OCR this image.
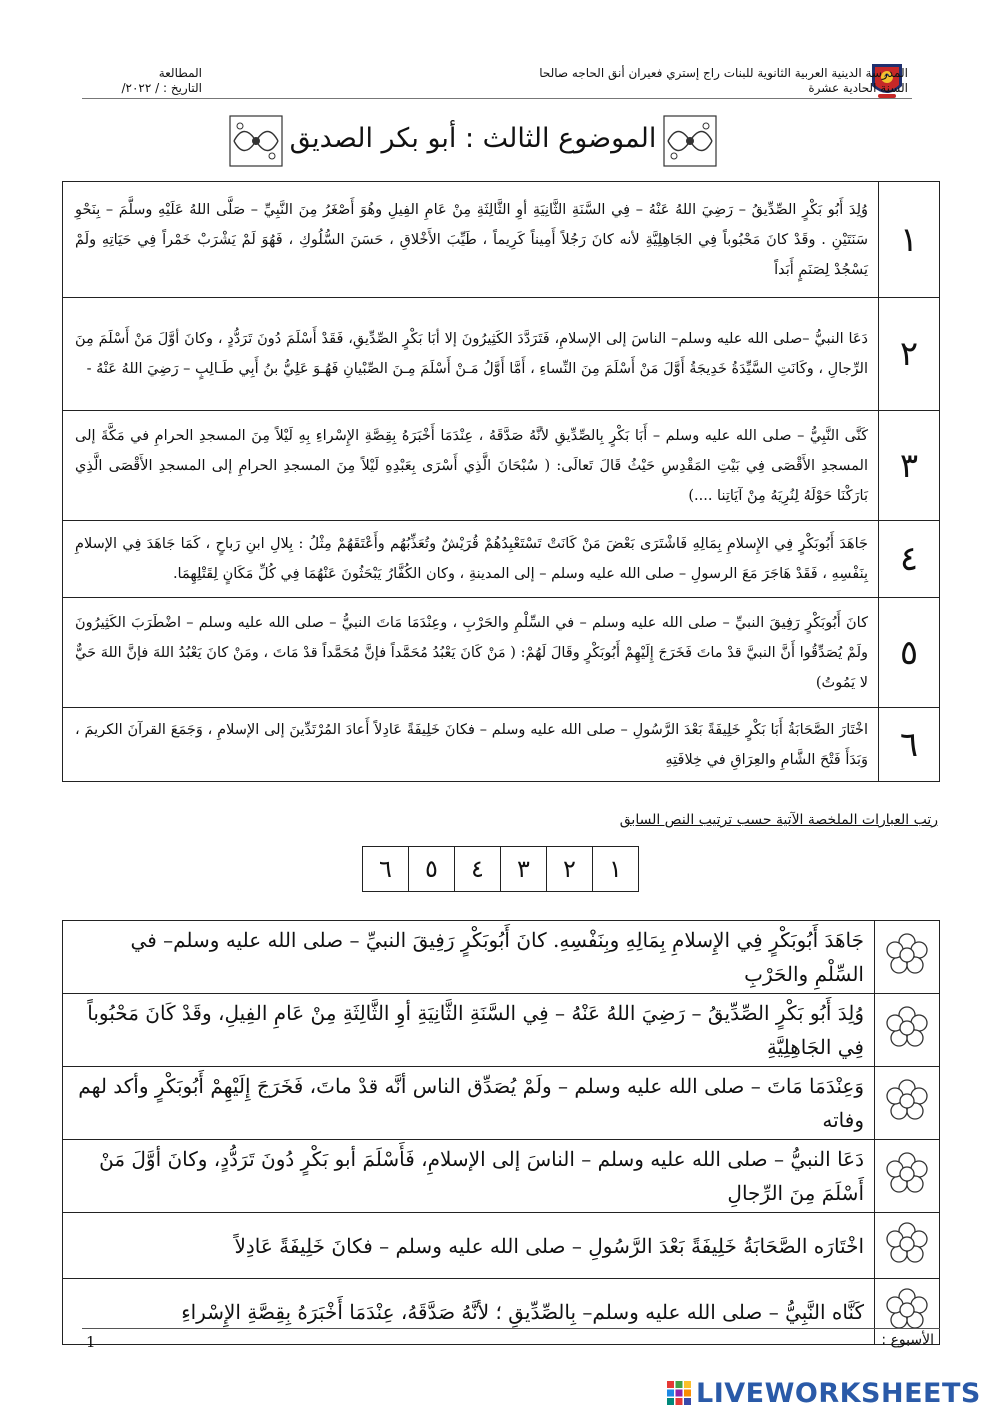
المدرسة الدينية العربية الثانوية للبنات راج إستري فعيران أنق الحاجه صالحا
السنة الحادية عشرة
المطالعة
التاريخ : / ٢٠٢٢/
الموضوع الثالث : أبو بكر الصديق
وُلِدَ أَبُو بَكْرٍ الصِّدِّيقُ – رَضِيَ اللهُ عَنْهُ – فِي السَّنَةِ الثَّانِيَةِ أوِ الثَّالِثَةِ مِنْ عَامِ الفِيلِ وهُوَ أَصْغَرُ مِنَ النَّبِيِّ – صَلَّى اللهُ عَلَيْهِ وسلَّمَ – بِنَحْوِ سَنَتَيْنِ . وقَدْ كانَ مَحْبُوباً فِي الجَاهِلِيَّةِ لأنه كانَ رَجُلاً أَمِيناً كَرِيماً ، طَيِّبَ الأَخْلاقِ ، حَسَنَ السُّلُوكِ ، فَهُوَ لَمْ يَشْرَبْ خَمْراً فِي حَيَاتِهِ ولَمْ يَسْجُدْ لِصَنَمٍ أَبَداً	١
دَعَا النبيُّ –صلى الله عليه وسلم– الناسَ إلى الإسلامِ، فَتَرَدَّدَ الكَثِيرُونَ إلا أبَا بَكْرٍ الصِّدِّيقِ، فَقَدْ أَسْلَمَ دُونَ تَرَدُّدٍ ، وكانَ أوَّلَ مَنْ أَسْلَمَ مِنَ الرِّجالِ ، وكَانَتِ السَّيِّدَةُ خَدِيجَةُ أَوَّلَ مَنْ أَسْلَمَ مِنَ النِّساءِ ، أَمَّا أَوَّلُ مَـنْ أَسْلَمَ مِـنَ الصِّبْيانِ فَهُـوَ عَلِيُّ بنُ أَبِي طَـالِبٍ – رَضِيَ اللهُ عَنْهُ -	٢
كَنَّى النَّبِيُّ – صلى الله عليه وسلم – أَبَا بَكْرٍ بِالصِّدِّيقِ لأنَّهُ صَدَّقَهُ ، عِنْدَمَا أَخْبَرَهُ بِقِصَّةِ الإِسْراءِ بِهِ لَيْلاً مِنَ المسجدِ الحرامِ في مَكَّةَ إلى المسجدِ الأَقْصَى فِي بَيْتِ المَقْدِسِ حَيْثُ قَالَ تَعالَى: ( سُبْحَانَ الَّذِي أَسْرَى بِعَبْدِهِ لَيْلاً مِنَ المسجدِ الحرامِ إلى المسجدِ الأَقْصَى الَّذِي بَارَكْنَا حَوْلَهُ لِنُرِيَهُ مِنْ آيَاتِنا ....)	٣
جَاهَدَ أَبُوبَكْرٍ فِي الإِسلامِ بِمَالِهِ فَاشْتَرَى بَعْضَ مَنْ كَانَتْ تَسْتَعْبِدُهُمْ قُرَيْشٌ وتُعَذِّبُهُم وأَعْتَقَهُمْ مِثْلُ : بِلالِ ابنِ رَباحٍ ، كَمَا جَاهَدَ فِي الإسلامِ بِنَفْسِهِ ، فَقَدْ هَاجَرَ مَعَ الرسولِ – صلى الله عليه وسلم – إلى المدينةِ ، وكان الكُفَّارُ يَبْحَثُونَ عَنْهُمَا فِي كُلِّ مَكَانٍ لِقَتْلِهِمَا.	٤
كانَ أَبُوبَكْرٍ رَفِيقَ النبيِّ – صلى الله عليه وسلم – في السِّلْمِ والحَرْبِ ، وعِنْدَمَا مَاتَ النبيُّ – صلى الله عليه وسلم – اضْطَرَبَ الكَثِيرُونَ ولَمْ يُصَدِّقُوا أَنَّ النبيَّ قدْ ماتَ فَخَرَجَ إِلَيْهِمْ أَبُوبَكْرٍ وقَالَ لَهُمْ: ( مَنْ كَانَ يَعْبُدُ مُحَمَّداً فإنَّ مُحَمَّداً قدْ مَاتَ ، ومَنْ كانَ يَعْبُدُ اللهَ فإنَّ اللهَ حَيٌّ لا يَمُوتُ)	٥
اخْتَارَ الصَّحَابَةُ أَبَا بَكْرٍ خَلِيفَةً بَعْدَ الرَّسُولِ – صلى الله عليه وسلم – فكانَ خَلِيفَةً عَادِلاً أَعادَ المُرْتَدِّينَ إلى الإسلامِ ، وَجَمَعَ القرآنَ الكريمَ ، وَبَدَأَ فَتْحَ الشَّامِ والعِرَاقِ في خِلافَتِهِ	٦
رتب العبارات الملخصة الآتية حسب ترتيب النص السابق
١
٢
٣
٤
٥
٦
جَاهَدَ أَبُوبَكْرٍ فِي الإِسلامِ بِمَالِهِ وبِنَفْسِهِ. كانَ أَبُوبَكْرٍ رَفِيقَ النبيِّ – صلى الله عليه وسلم– في السِّلْمِ والحَرْبِ	
وُلِدَ أَبُو بَكْرٍ الصِّدِّيقُ – رَضِيَ اللهُ عَنْهُ – فِي السَّنَةِ الثَّانِيَةِ أوِ الثَّالِثَةِ مِنْ عَامِ الفِيلِ، وقَدْ كَانَ مَحْبُوباً فِي الجَاهِلِيَّةِ	
وَعِنْدَمَا مَاتَ – صلى الله عليه وسلم – ولَمْ يُصَدِّق الناس أنَّه قدْ ماتَ، فَخَرَجَ إِلَيْهِمْ أَبُوبَكْرٍ وأكد لهم وفاته	
دَعَا النبيُّ – صلى الله عليه وسلم – الناسَ إلى الإسلامِ، فَأَسْلَمَ أبو بَكْرٍ دُونَ تَرَدُّدٍ، وكانَ أوَّلَ مَنْ أَسْلَمَ مِنَ الرِّجالِ	
اخْتَارَه الصَّحَابَةُ خَلِيفَةً بَعْدَ الرَّسُولِ – صلى الله عليه وسلم – فكانَ خَلِيفَةً عَادِلاً	
كَنَّاه النَّبِيُّ – صلى الله عليه وسلم– بِالصِّدِّيقِ ؛ لأنَّهُ صَدَّقَهُ، عِنْدَمَا أَخْبَرَهُ بِقِصَّةِ الإِسْراءِ	
1	الأسبوع :
LIVEWORKSHEETS
